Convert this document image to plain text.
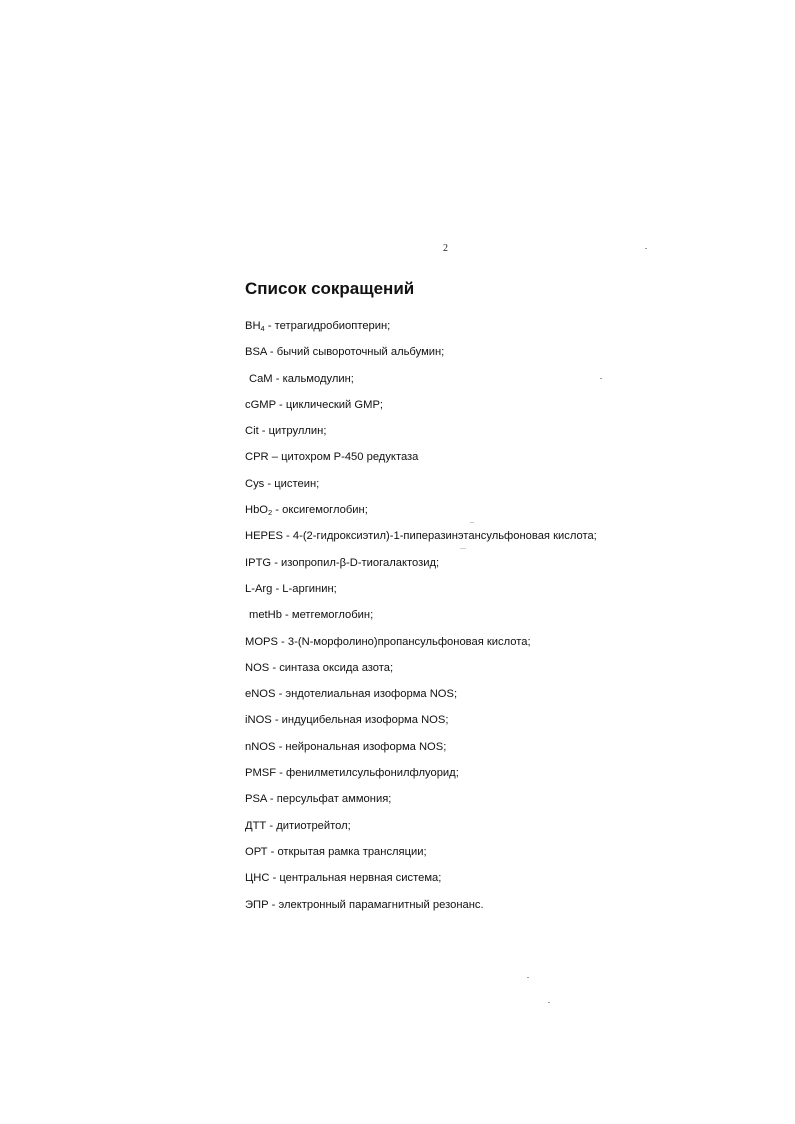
2
Список сокращений
$BH_4$ - тетрагидробиоптерин;
BSA - бычий сывороточный альбумин;
CaM - кальмодулин;
cGMP - циклический GMP;
Cit - цитруллин;
CPR – цитохром Р-450 редуктаза
Cys - цистеин;
HbO$_2$ - оксигемоглобин;
HEPES - 4-(2-гидроксиэтил)-1-пиперазинэтансульфоновая кислота;
IPTG - изопропил-β-D-тиогалактозид;
L-Arg - L-аргинин;
metHb - метгемоглобин;
MOPS - 3-(N-морфолино)пропансульфоновая кислота;
NOS - синтаза оксида азота;
eNOS - эндотелиальная изоформа NOS;
iNOS - индуцибельная изоформа NOS;
nNOS - нейрональная изоформа NOS;
PMSF - фенилметилсульфонилфлуорид;
PSA - персульфат аммония;
ДТТ - дитиотрейтол;
ОРТ - открытая рамка трансляции;
ЦНС - центральная нервная система;
ЭПР - электронный парамагнитный резонанс.
